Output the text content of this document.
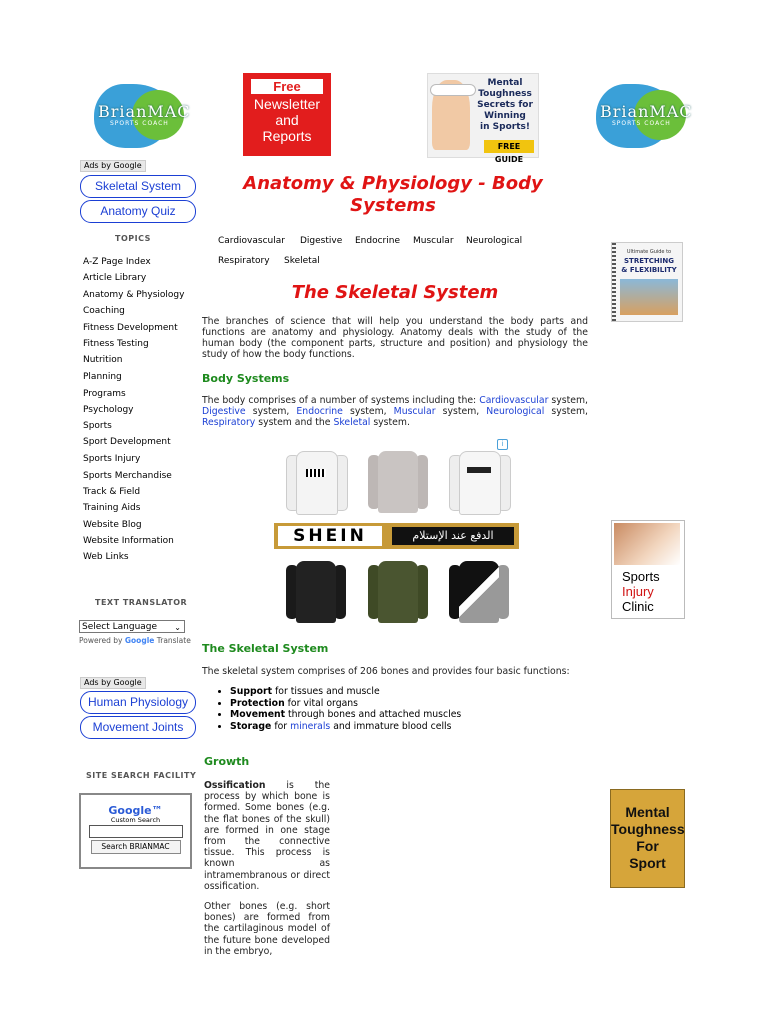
BrianMAC
SPORTS COACH
Free
Newsletter
and
Reports
Mental
Toughness
Secrets for
Winning
in Sports!
FREE GUIDE
BrianMAC
SPORTS COACH
Ads by Google
Skeletal System
Anatomy Quiz
TOPICS
A-Z Page Index
Article Library
Anatomy & Physiology
Coaching
Fitness Development
Fitness Testing
Nutrition
Planning
Programs
Psychology
Sports
Sport Development
Sports Injury
Sports Merchandise
Track & Field
Training Aids
Website Blog
Website Information
Web Links
TEXT TRANSLATOR
Select Language ⌄
Powered by Google Translate
Ads by Google
Human Physiology
Movement Joints
SITE SEARCH FACILITY
Google™
Custom Search
Search BRIANMAC
Anatomy & Physiology - Body Systems
Cardiovascular Digestive Endocrine Muscular Neurological
Respiratory Skeletal
The Skeletal System
The branches of science that will help you understand the body parts and functions are anatomy and physiology. Anatomy deals with the study of the human body (the component parts, structure and position) and physiology the study of how the body functions.
Body Systems
The body comprises of a number of systems including the: Cardiovascular system, Digestive system, Endocrine system, Muscular system, Neurological system, Respiratory system and the Skeletal system.
i
SHEIN	الدفع عند الإستلام
The Skeletal System
The skeletal system comprises of 206 bones and provides four basic functions:
• Support for tissues and muscle
• Protection for vital organs
• Movement through bones and attached muscles
• Storage for minerals and immature blood cells
Growth
Ossification is the process by which bone is formed. Some bones (e.g. the flat bones of the skull) are formed in one stage from the connective tissue. This process is known as intramembranous or direct ossification.
Other bones (e.g. short bones) are formed from the cartilaginous model of the future bone developed in the embryo,
Ultimate Guide to
STRETCHING
& FLEXIBILITY
Sports
Injury
Clinic
Mental
Toughness
For
Sport
